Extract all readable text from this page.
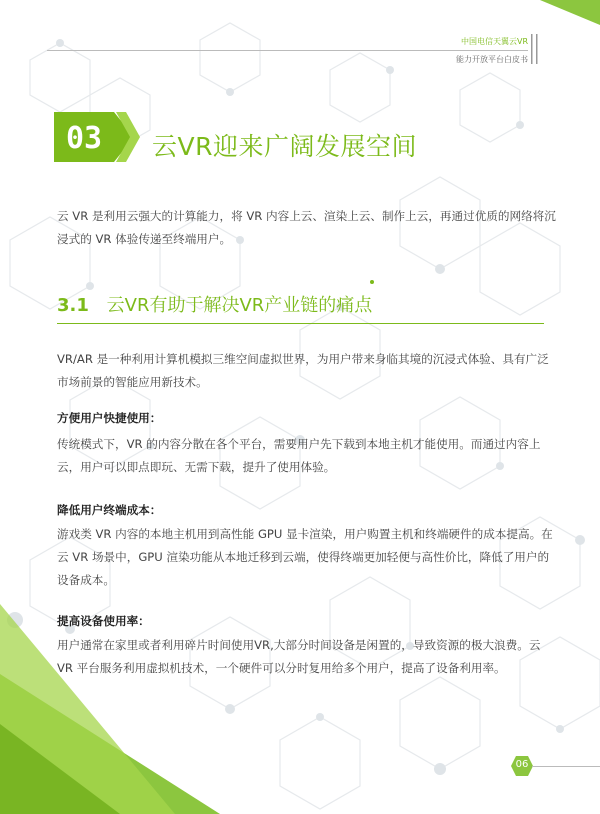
中国电信天翼云VR
能力开放平台白皮书
03 云VR迎来广阔发展空间
云 VR 是利用云强大的计算能力，将 VR 内容上云、渲染上云、制作上云，再通过优质的网络将沉浸式的 VR 体验传递至终端用户。
3.1 云VR有助于解决VR产业链的痛点
VR/AR 是一种利用计算机模拟三维空间虚拟世界，为用户带来身临其境的沉浸式体验、具有广泛市场前景的智能应用新技术。
方便用户快捷使用：
传统模式下，VR 的内容分散在各个平台，需要用户先下载到本地主机才能使用。而通过内容上云，用户可以即点即玩、无需下载，提升了使用体验。
降低用户终端成本：
游戏类 VR 内容的本地主机用到高性能 GPU 显卡渲染，用户购置主机和终端硬件的成本提高。在云 VR 场景中，GPU 渲染功能从本地迁移到云端，使得终端更加轻便与高性价比，降低了用户的设备成本。
提高设备使用率：
用户通常在家里或者利用碎片时间使用VR,大部分时间设备是闲置的，导致资源的极大浪费。云 VR 平台服务利用虚拟机技术，一个硬件可以分时复用给多个用户，提高了设备利用率。
06
